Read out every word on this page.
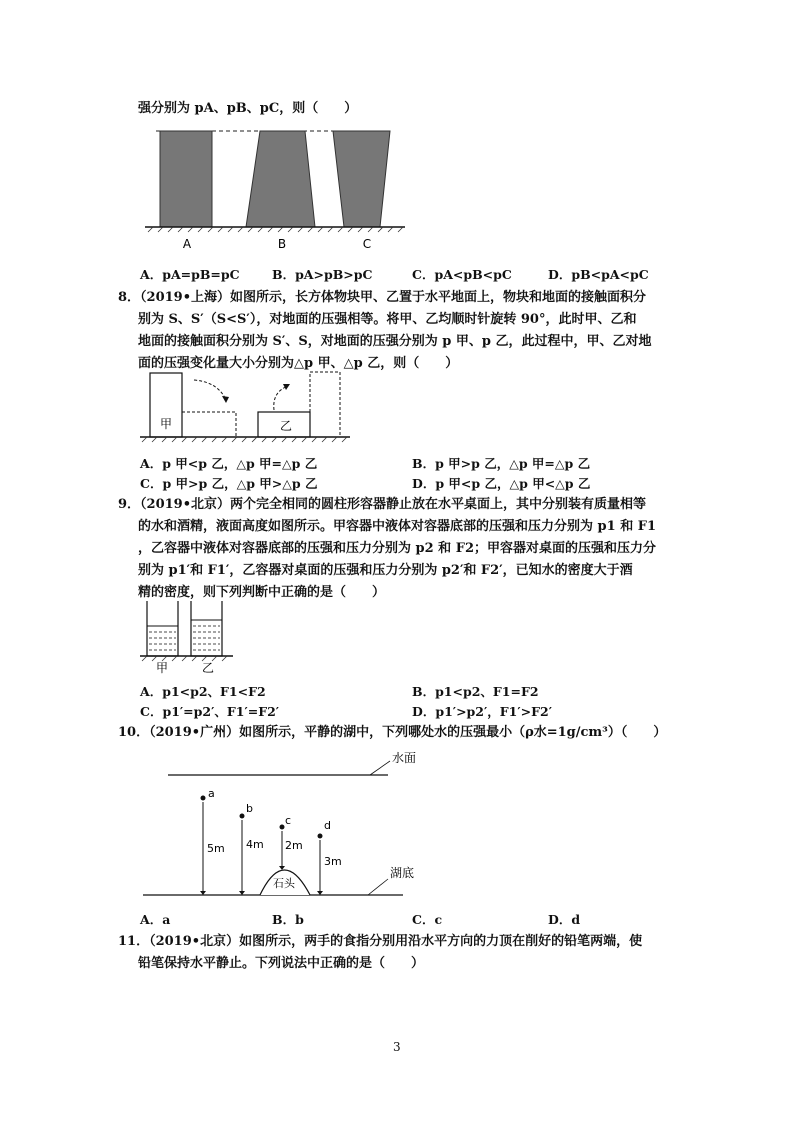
强分别为 pA、pB、pC，则（　　）
A	B	C
A．pA=pB=pC	B．pA>pB>pC	C．pA<pB<pC	D．pB<pA<pC
8．（2019•上海）如图所示，长方体物块甲、乙置于水平地面上，物块和地面的接触面积分
别为 S、S′（S<S′），对地面的压强相等。将甲、乙均顺时针旋转 90°，此时甲、乙和
地面的接触面积分别为 S′、S，对地面的压强分别为 p 甲、p 乙，此过程中，甲、乙对地
面的压强变化量大小分别为△p 甲、△p 乙，则（　　）
甲	乙
A．p 甲<p 乙，△p 甲=△p 乙	B．p 甲>p 乙，△p 甲=△p 乙
C．p 甲>p 乙，△p 甲>△p 乙	D．p 甲<p 乙，△p 甲<△p 乙
9．（2019•北京）两个完全相同的圆柱形容器静止放在水平桌面上，其中分别装有质量相等
的水和酒精，液面高度如图所示。甲容器中液体对容器底部的压强和压力分别为 p1 和 F1
，乙容器中液体对容器底部的压强和压力分别为 p2 和 F2；甲容器对桌面的压强和压力分
别为 p1′和 F1′，乙容器对桌面的压强和压力分别为 p2′和 F2′，已知水的密度大于酒
精的密度，则下列判断中正确的是（　　）
甲	乙
A．p1<p2、F1<F2	B．p1<p2、F1=F2
C．p1′=p2′、F1′=F2′	D．p1′>p2′，F1′>F2′
10．（2019•广州）如图所示，平静的湖中，下列哪处水的压强最小（ρ水=1g/cm³）（　　）
水面
湖底
石头
a
5m
b
4m
c
2m
d
3m
A．a	B．b	C．c	D．d
11．（2019•北京）如图所示，两手的食指分别用沿水平方向的力顶在削好的铅笔两端，使
铅笔保持水平静止。下列说法中正确的是（　　）
3
